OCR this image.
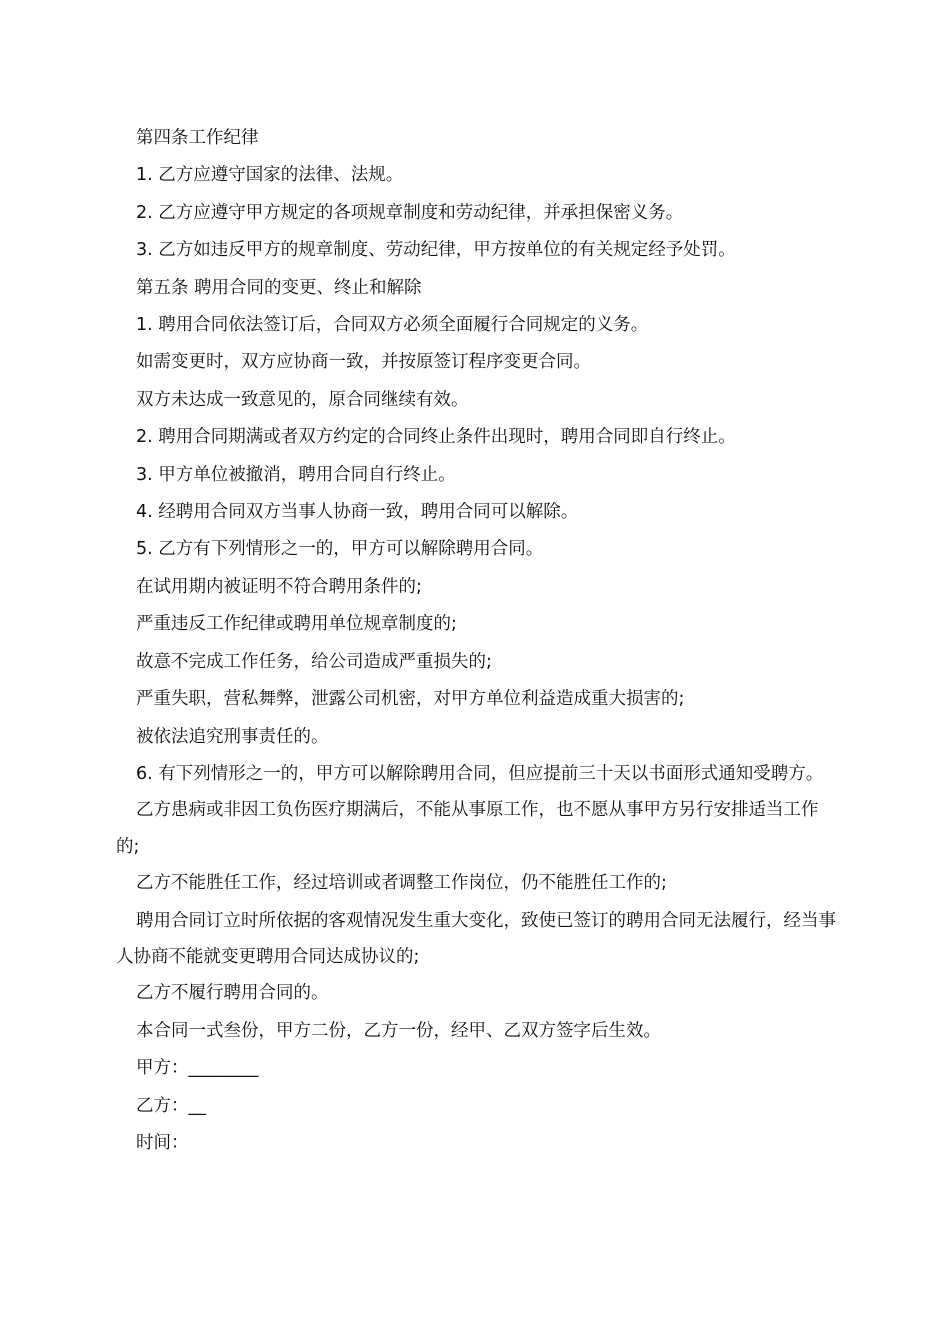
第四条工作纪律

1. 乙方应遵守国家的法律、法规。

2. 乙方应遵守甲方规定的各项规章制度和劳动纪律，并承担保密义务。

3. 乙方如违反甲方的规章制度、劳动纪律，甲方按单位的有关规定经予处罚。

第五条 聘用合同的变更、终止和解除

1. 聘用合同依法签订后，合同双方必须全面履行合同规定的义务。

如需变更时，双方应协商一致，并按原签订程序变更合同。

双方未达成一致意见的，原合同继续有效。

2. 聘用合同期满或者双方约定的合同终止条件出现时，聘用合同即自行终止。

3. 甲方单位被撤消，聘用合同自行终止。

4. 经聘用合同双方当事人协商一致，聘用合同可以解除。

5. 乙方有下列情形之一的，甲方可以解除聘用合同。

在试用期内被证明不符合聘用条件的;

严重违反工作纪律或聘用单位规章制度的;

故意不完成工作任务，给公司造成严重损失的;

严重失职，营私舞弊，泄露公司机密，对甲方单位利益造成重大损害的;

被依法追究刑事责任的。

6. 有下列情形之一的，甲方可以解除聘用合同，但应提前三十天以书面形式通知受聘方。

乙方患病或非因工负伤医疗期满后，不能从事原工作，也不愿从事甲方另行安排适当工作的;

乙方不能胜任工作，经过培训或者调整工作岗位，仍不能胜任工作的;

聘用合同订立时所依据的客观情况发生重大变化，致使已签订的聘用合同无法履行，经当事人协商不能就变更聘用合同达成协议的;

乙方不履行聘用合同的。

本合同一式叁份，甲方二份，乙方一份，经甲、乙双方签字后生效。

甲方：________

乙方：__

时间：
